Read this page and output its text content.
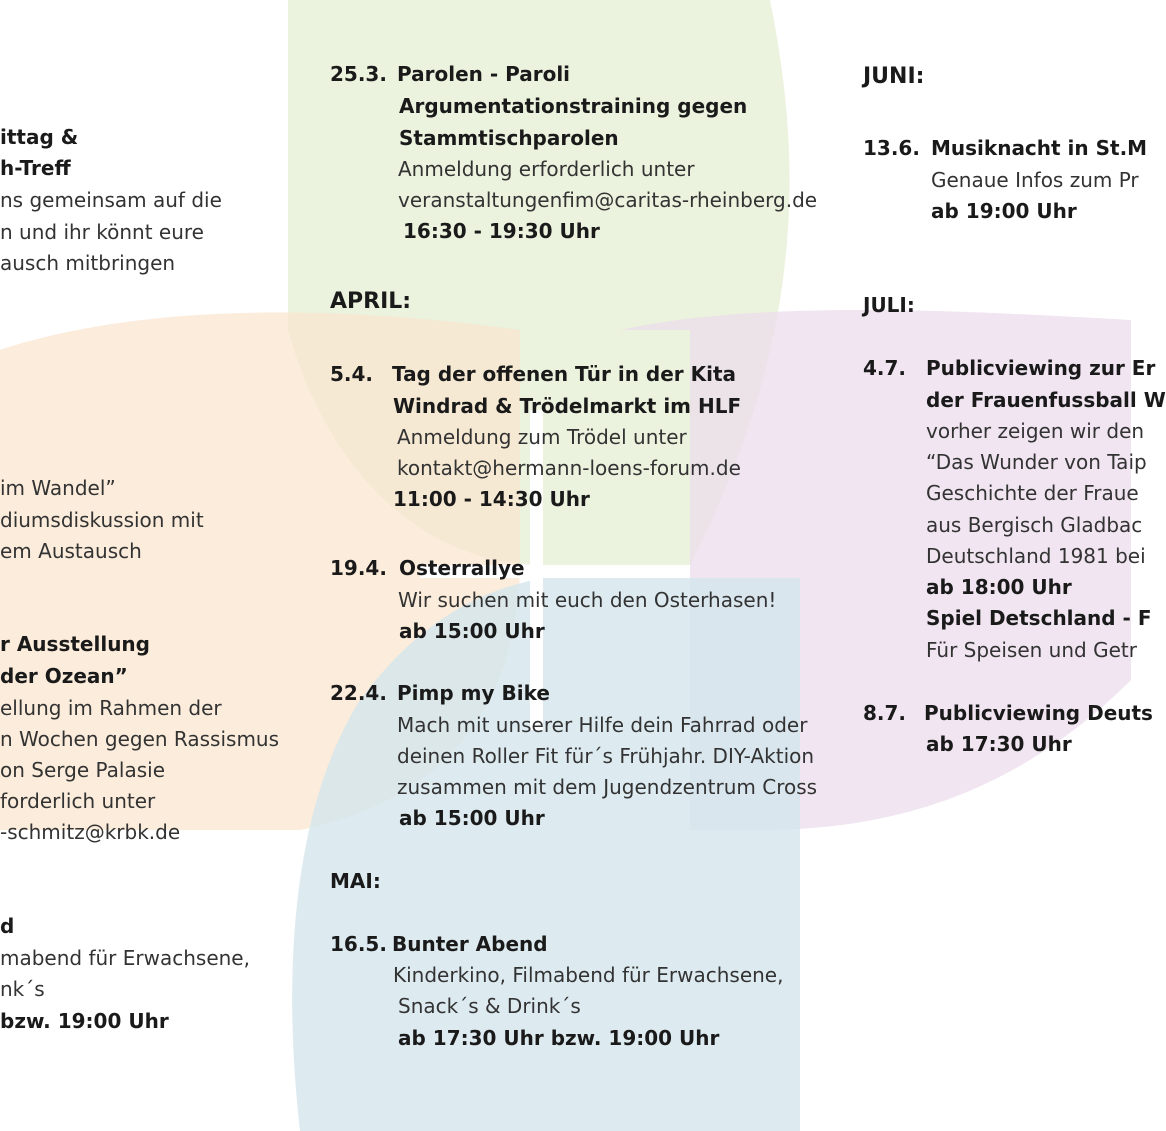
ittag &
h-Treff
ns gemeinsam auf die
n und ihr könnt eure
ausch mitbringen
im Wandel”
diumsdiskussion mit
em Austausch
r Ausstellung
der Ozean”
ellung im Rahmen der
n Wochen gegen Rassismus
on Serge Palasie
forderlich unter
-schmitz@krbk.de
d
mabend für Erwachsene,
nk´s
bzw. 19:00 Uhr
25.3. Parolen - Paroli
Argumentationstraining gegen
Stammtischparolen
Anmeldung erforderlich unter
veranstaltungenfim@caritas-rheinberg.de
16:30 - 19:30 Uhr
APRIL:
5.4. Tag der offenen Tür in der Kita
Windrad & Trödelmarkt im HLF
Anmeldung zum Trödel unter
kontakt@hermann-loens-forum.de
11:00 - 14:30 Uhr
19.4. Osterrallye
Wir suchen mit euch den Osterhasen!
ab 15:00 Uhr
22.4. Pimp my Bike
Mach mit unserer Hilfe dein Fahrrad oder
deinen Roller Fit für´s Frühjahr. DIY-Aktion
zusammen mit dem Jugendzentrum Cross
ab 15:00 Uhr
MAI:
16.5. Bunter Abend
Kinderkino, Filmabend für Erwachsene,
Snack´s & Drink´s
ab 17:30 Uhr bzw. 19:00 Uhr
JUNI:
13.6. Musiknacht in St.M
Genaue Infos zum Pr
ab 19:00 Uhr
JULI:
4.7. Publicviewing zur Er
der Frauenfussball W
vorher zeigen wir den
“Das Wunder von Taip
Geschichte der Fraue
aus Bergisch Gladbac
Deutschland 1981 bei
ab 18:00 Uhr
Spiel Detschland - F
Für Speisen und Getr
8.7. Publicviewing Deuts
ab 17:30 Uhr
